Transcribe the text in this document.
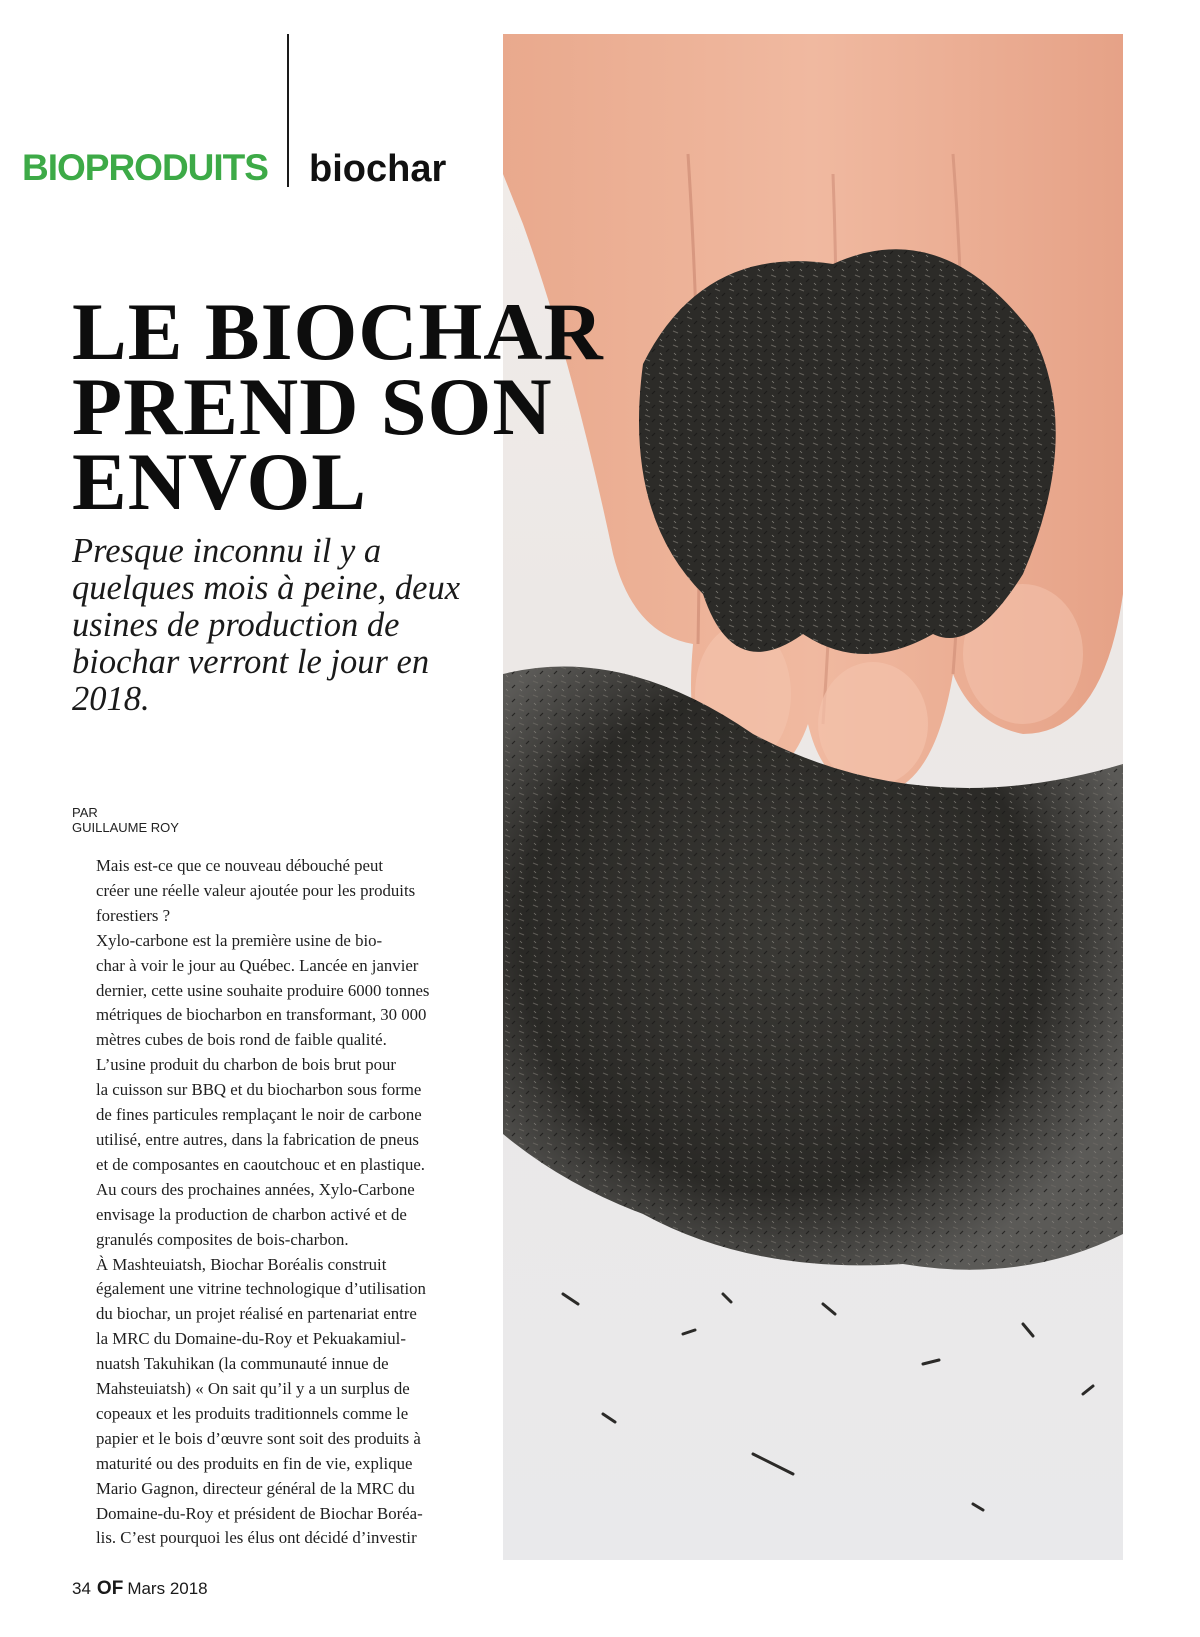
BIOPRODUITS biochar
LE BIOCHAR
PREND SON
ENVOL

Presque inconnu il y a quelques mois à peine, deux usines de production de biochar verront le jour en 2018.

PAR
GUILLAUME ROY

Mais est-ce que ce nouveau débouché peut
créer une réelle valeur ajoutée pour les produits
forestiers ?

Xylo-carbone est la première usine de bio-
char à voir le jour au Québec. Lancée en janvier
dernier, cette usine souhaite produire 6000 tonnes
métriques de biocharbon en transformant, 30 000
mètres cubes de bois rond de faible qualité.

L’usine produit du charbon de bois brut pour
la cuisson sur BBQ et du biocharbon sous forme
de fines particules remplaçant le noir de carbone
utilisé, entre autres, dans la fabrication de pneus
et de composantes en caoutchouc et en plastique.
Au cours des prochaines années, Xylo-Carbone
envisage la production de charbon activé et de
granulés composites de bois-charbon.

À Mashteuiatsh, Biochar Boréalis construit
également une vitrine technologique d’utilisation
du biochar, un projet réalisé en partenariat entre
la MRC du Domaine-du-Roy et Pekuakamiul-
nuatsh Takuhikan (la communauté innue de
Mahsteuiatsh) « On sait qu’il y a un surplus de
copeaux et les produits traditionnels comme le
papier et le bois d’œuvre sont soit des produits à
maturité ou des produits en fin de vie, explique
Mario Gagnon, directeur général de la MRC du
Domaine-du-Roy et président de Biochar Boréa-
lis. C’est pourquoi les élus ont décidé d’investir

34 OF Mars 2018
